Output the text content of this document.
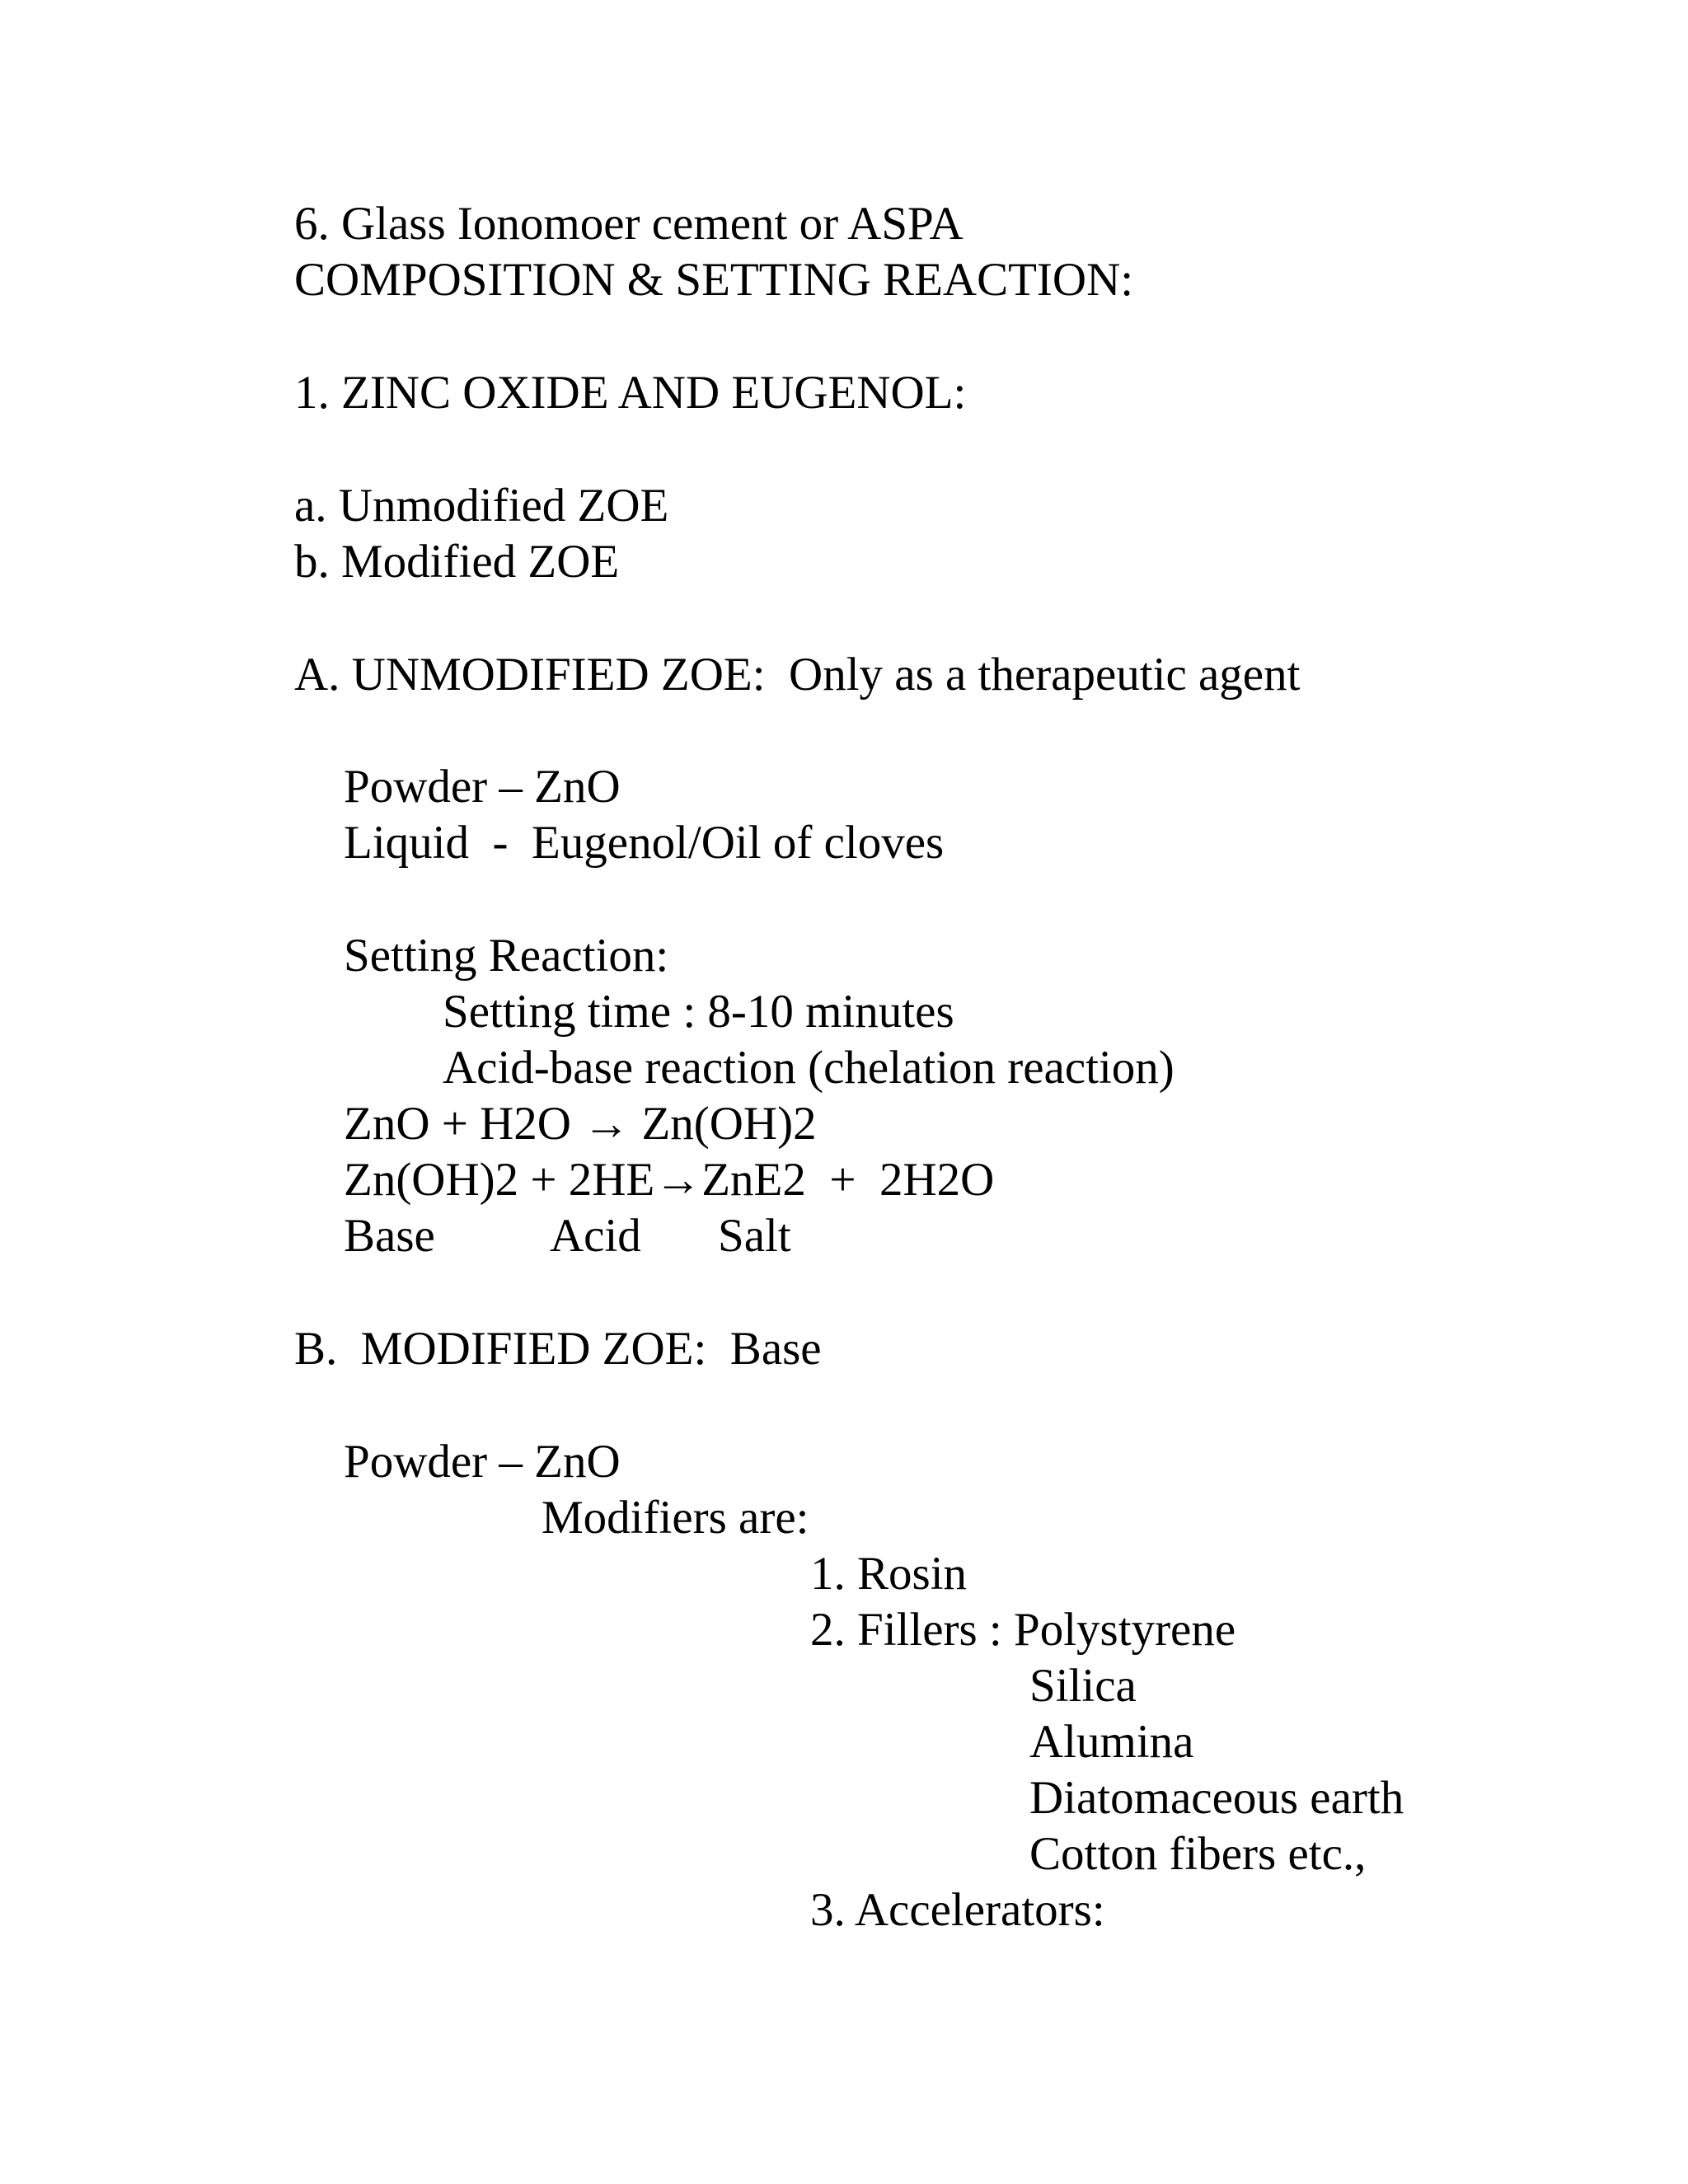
6. Glass Ionomoer cement or ASPA

COMPOSITION & SETTING REACTION:

1. ZINC OXIDE AND EUGENOL:

a. Unmodified ZOE

b. Modified ZOE

A. UNMODIFIED ZOE:  Only as a therapeutic agent

Powder – ZnO

Liquid  -  Eugenol/Oil of cloves

Setting Reaction:

Setting time : 8-10 minutes

Acid-base reaction (chelation reaction)

ZnO + H2O → Zn(OH)2

Zn(OH)2 + 2HE→ZnE2  +  2H2O

Base Acid Salt

B.  MODIFIED ZOE:  Base

Powder – ZnO

Modifiers are:

1. Rosin

2. Fillers : Polystyrene

Silica

Alumina

Diatomaceous earth

Cotton fibers etc.,

3. Accelerators:
